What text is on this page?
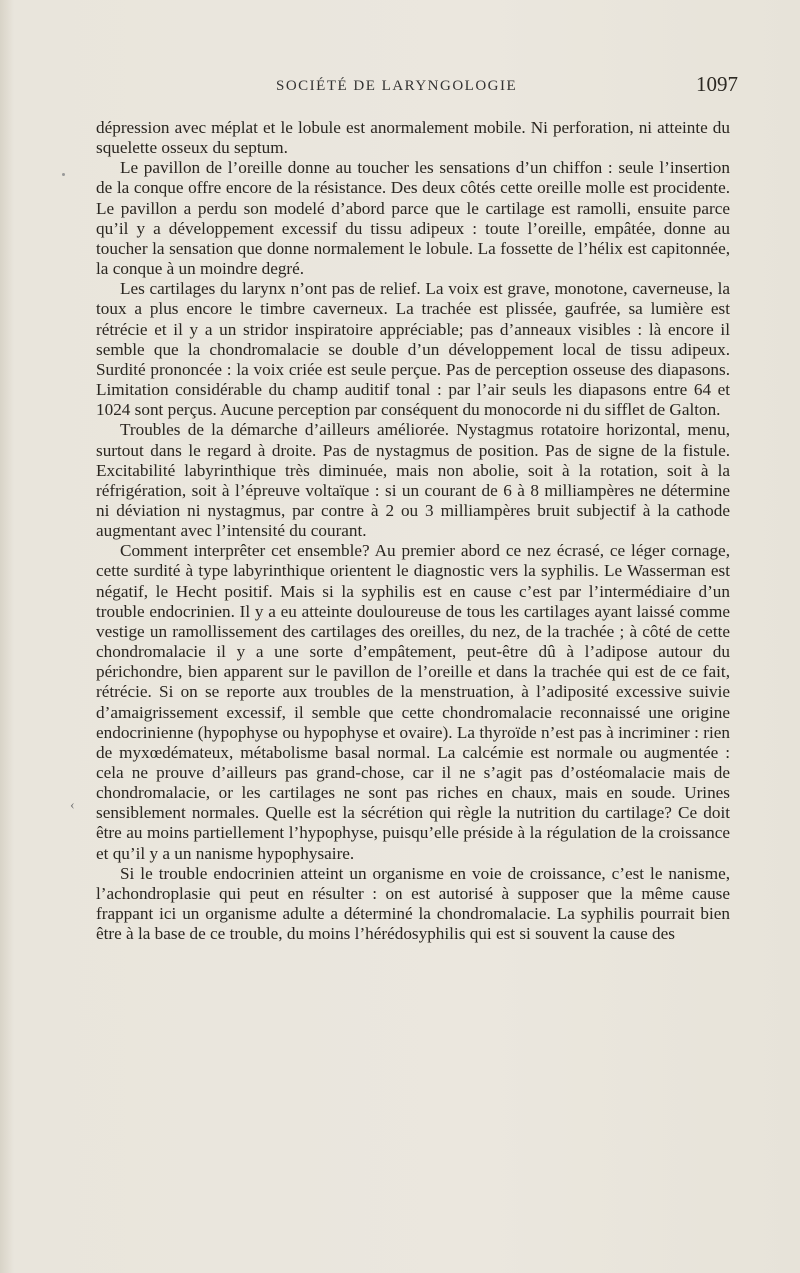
SOCIÉTÉ DE LARYNGOLOGIE	1097
‹

dépression avec méplat et le lobule est anormalement mobile. Ni perforation, ni atteinte du squelette osseux du septum.

Le pavillon de l’oreille donne au toucher les sensations d’un chiffon : seule l’insertion de la conque offre encore de la résistance. Des deux côtés cette oreille molle est procidente. Le pavillon a perdu son modelé d’abord parce que le cartilage est ramolli, ensuite parce qu’il y a développement excessif du tissu adipeux : toute l’oreille, empâtée, donne au toucher la sensation que donne normalement le lobule. La fossette de l’hélix est capitonnée, la conque à un moindre degré.

Les cartilages du larynx n’ont pas de relief. La voix est grave, monotone, caverneuse, la toux a plus encore le timbre caverneux. La trachée est plissée, gaufrée, sa lumière est rétrécie et il y a un stridor inspiratoire appréciable; pas d’anneaux visibles : là encore il semble que la chondromalacie se double d’un développement local de tissu adipeux. Surdité prononcée : la voix criée est seule perçue. Pas de perception osseuse des diapasons. Limitation considérable du champ auditif tonal : par l’air seuls les diapasons entre 64 et 1024 sont perçus. Aucune perception par conséquent du monocorde ni du sifflet de Galton.

Troubles de la démarche d’ailleurs améliorée. Nystagmus rotatoire horizontal, menu, surtout dans le regard à droite. Pas de nystagmus de position. Pas de signe de la fistule. Excitabilité labyrinthique très diminuée, mais non abolie, soit à la rotation, soit à la réfrigération, soit à l’épreuve voltaïque : si un courant de 6 à 8 milliampères ne détermine ni déviation ni nystagmus, par contre à 2 ou 3 milliampères bruit subjectif à la cathode augmentant avec l’intensité du courant.

Comment interprêter cet ensemble? Au premier abord ce nez écrasé, ce léger cornage, cette surdité à type labyrinthique orientent le diagnostic vers la syphilis. Le Wasserman est négatif, le Hecht positif. Mais si la syphilis est en cause c’est par l’intermédiaire d’un trouble endocrinien. Il y a eu atteinte douloureuse de tous les cartilages ayant laissé comme vestige un ramollissement des cartilages des oreilles, du nez, de la trachée ; à côté de cette chondromalacie il y a une sorte d’empâtement, peut-être dû à l’adipose autour du périchondre, bien apparent sur le pavillon de l’oreille et dans la trachée qui est de ce fait, rétrécie. Si on se reporte aux troubles de la menstruation, à l’adiposité excessive suivie d’amaigrissement excessif, il semble que cette chondromalacie reconnaissé une origine endocrinienne (hypophyse ou hypophyse et ovaire). La thyroïde n’est pas à incriminer : rien de myxœdémateux, métabolisme basal normal. La calcémie est normale ou augmentée : cela ne prouve d’ailleurs pas grand-chose, car il ne s’agit pas d’ostéomalacie mais de chondromalacie, or les cartilages ne sont pas riches en chaux, mais en soude. Urines sensiblement normales. Quelle est la sécrétion qui règle la nutrition du cartilage? Ce doit être au moins partiellement l’hypophyse, puisqu’elle préside à la régulation de la croissance et qu’il y a un nanisme hypophysaire.

Si le trouble endocrinien atteint un organisme en voie de croissance, c’est le nanisme, l’achondroplasie qui peut en résulter : on est autorisé à supposer que la même cause frappant ici un organisme adulte a déterminé la chondromalacie. La syphilis pourrait bien être à la base de ce trouble, du moins l’hérédosyphilis qui est si souvent la cause des
